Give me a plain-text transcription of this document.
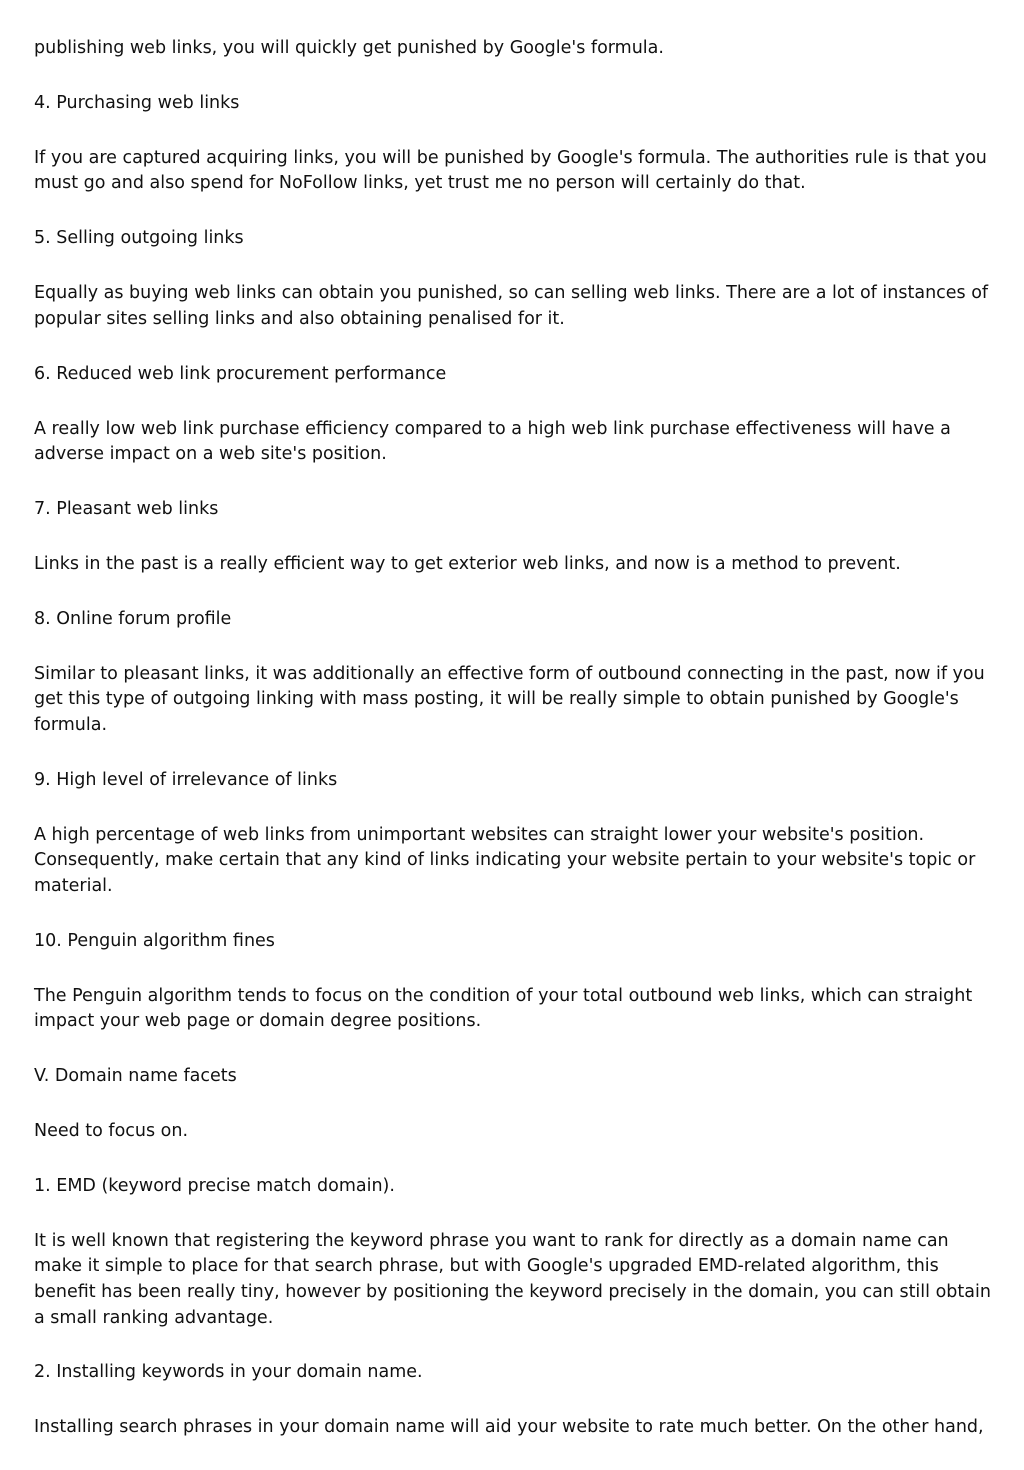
publishing web links, you will quickly get punished by Google's formula.

4. Purchasing web links

If you are captured acquiring links, you will be punished by Google's formula. The authorities rule is that you must go and also spend for NoFollow links, yet trust me no person will certainly do that.

5. Selling outgoing links

Equally as buying web links can obtain you punished, so can selling web links. There are a lot of instances of popular sites selling links and also obtaining penalised for it.

6. Reduced web link procurement performance

A really low web link purchase efficiency compared to a high web link purchase effectiveness will have a adverse impact on a web site's position.

7. Pleasant web links

Links in the past is a really efficient way to get exterior web links, and now is a method to prevent.

8. Online forum profile

Similar to pleasant links, it was additionally an effective form of outbound connecting in the past, now if you get this type of outgoing linking with mass posting, it will be really simple to obtain punished by Google's formula.

9. High level of irrelevance of links

A high percentage of web links from unimportant websites can straight lower your website's position. Consequently, make certain that any kind of links indicating your website pertain to your website's topic or material.

10. Penguin algorithm fines

The Penguin algorithm tends to focus on the condition of your total outbound web links, which can straight impact your web page or domain degree positions.

V. Domain name facets

Need to focus on.

1. EMD (keyword precise match domain).

It is well known that registering the keyword phrase you want to rank for directly as a domain name can make it simple to place for that search phrase, but with Google's upgraded EMD-related algorithm, this benefit has been really tiny, however by positioning the keyword precisely in the domain, you can still obtain a small ranking advantage.

2. Installing keywords in your domain name.

Installing search phrases in your domain name will aid your website to rate much better. On the other hand,
